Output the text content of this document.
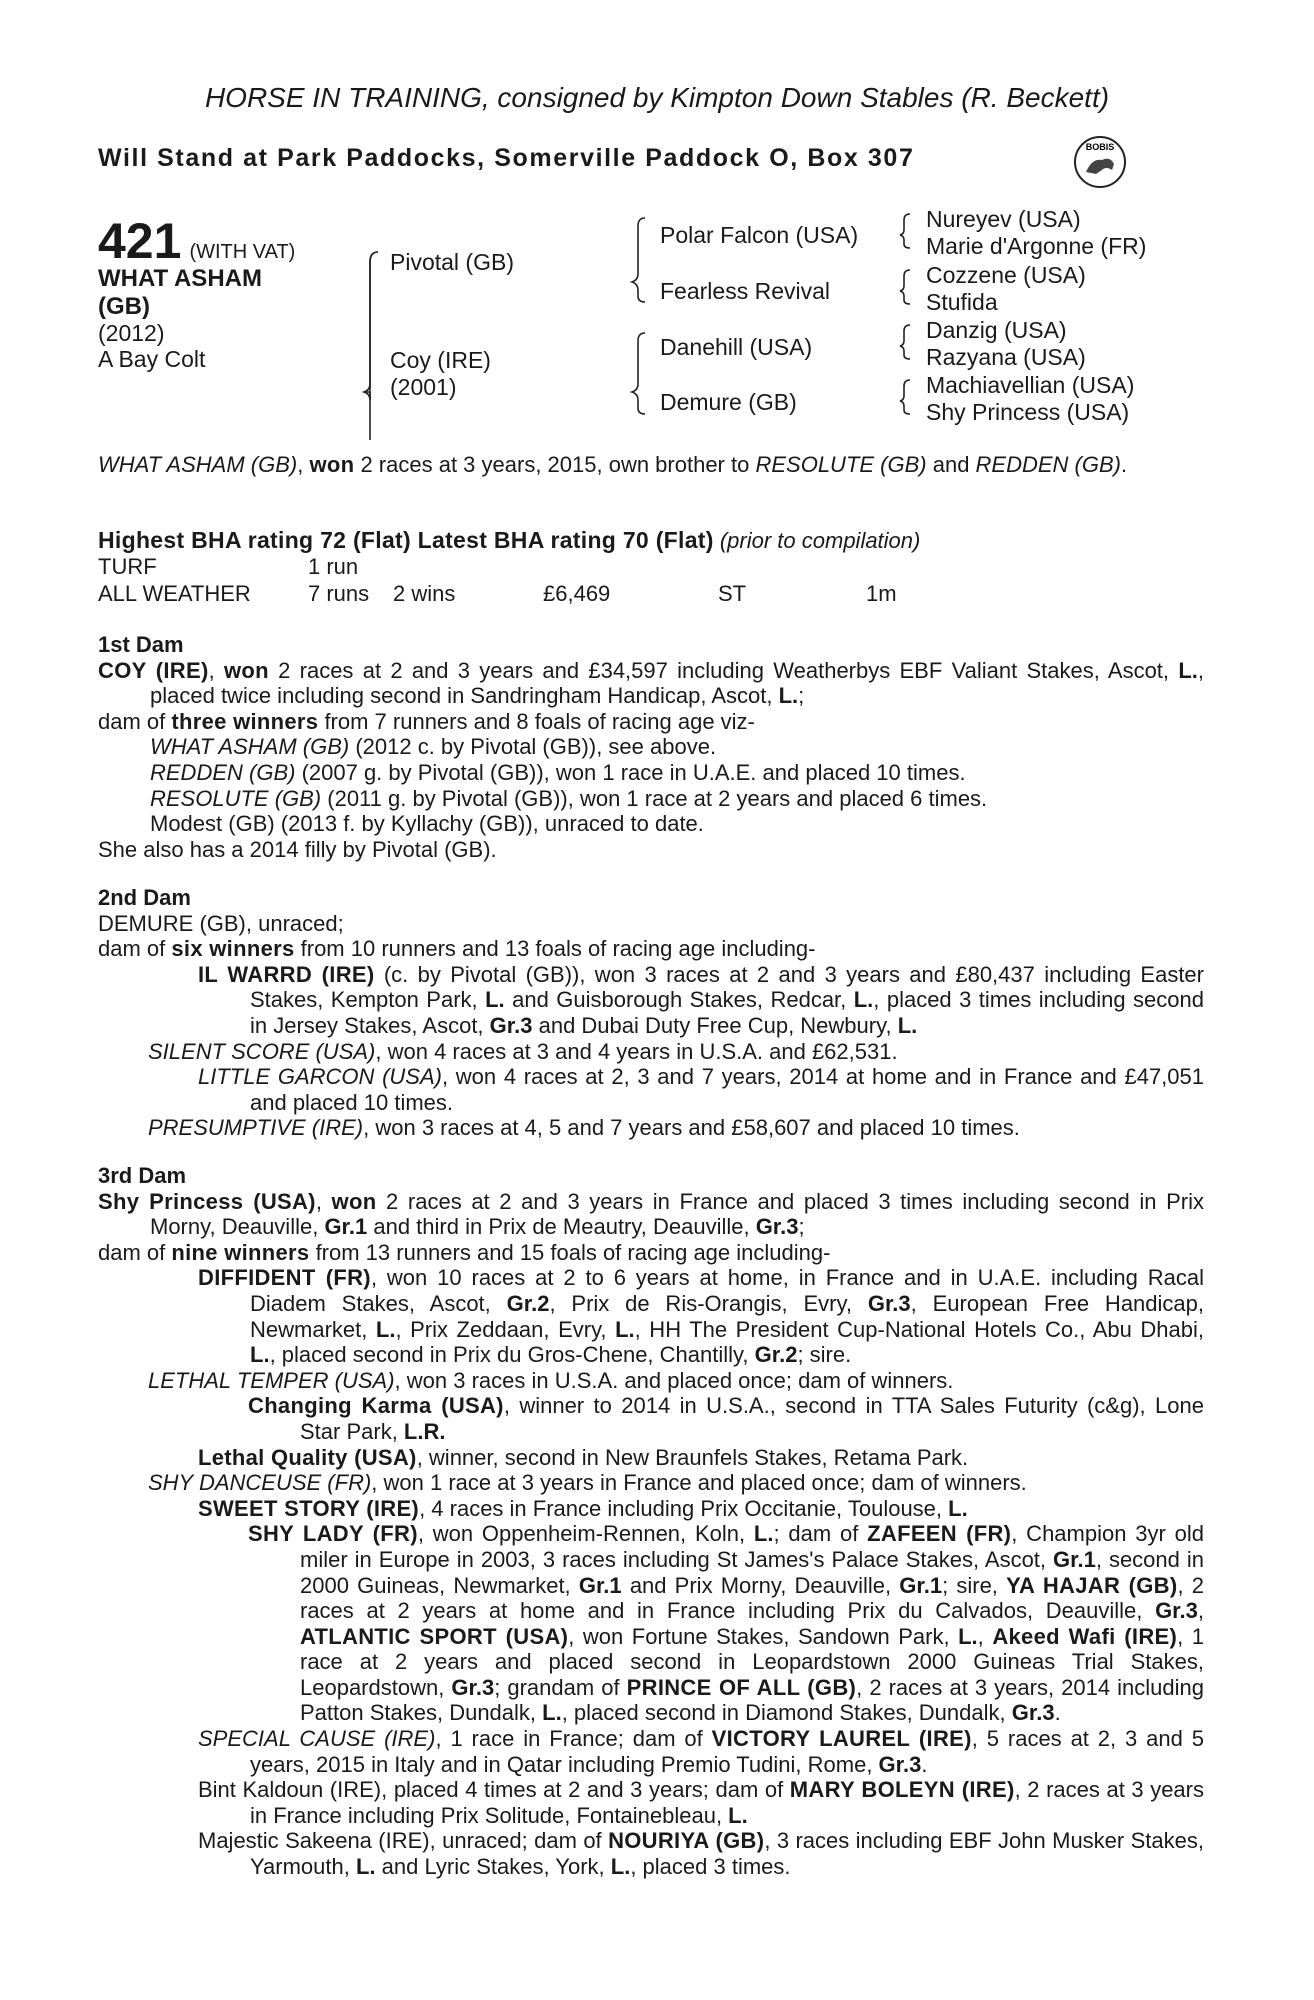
HORSE IN TRAINING, consigned by Kimpton Down Stables (R. Beckett)
Will Stand at Park Paddocks, Somerville Paddock O, Box 307	BOBIS
421 (WITH VAT)
WHAT ASHAM
(GB)
(2012)
A Bay Colt
Pivotal (GB)
Coy (IRE)
(2001)
Polar Falcon (USA)
Fearless Revival
Danehill (USA)
Demure (GB)
Nureyev (USA)
Marie d'Argonne (FR)
Cozzene (USA)
Stufida
Danzig (USA)
Razyana (USA)
Machiavellian (USA)
Shy Princess (USA)

WHAT ASHAM (GB), won 2 races at 3 years, 2015, own brother to RESOLUTE (GB) and REDDEN (GB).

Highest BHA rating 72 (Flat) Latest BHA rating 70 (Flat) (prior to compilation)
TURF	1 run
ALL WEATHER	7 runs 2 wins	£6,469	ST	1m

1st Dam

COY (IRE), won 2 races at 2 and 3 years and £34,597 including Weatherbys EBF Valiant Stakes, Ascot, L., placed twice including second in Sandringham Handicap, Ascot, L.;

dam of three winners from 7 runners and 8 foals of racing age viz-

WHAT ASHAM (GB) (2012 c. by Pivotal (GB)), see above.

REDDEN (GB) (2007 g. by Pivotal (GB)), won 1 race in U.A.E. and placed 10 times.

RESOLUTE (GB) (2011 g. by Pivotal (GB)), won 1 race at 2 years and placed 6 times.

Modest (GB) (2013 f. by Kyllachy (GB)), unraced to date.

She also has a 2014 filly by Pivotal (GB).

2nd Dam

DEMURE (GB), unraced;

dam of six winners from 10 runners and 13 foals of racing age including-

IL WARRD (IRE) (c. by Pivotal (GB)), won 3 races at 2 and 3 years and £80,437 including Easter Stakes, Kempton Park, L. and Guisborough Stakes, Redcar, L., placed 3 times including second in Jersey Stakes, Ascot, Gr.3 and Dubai Duty Free Cup, Newbury, L.

SILENT SCORE (USA), won 4 races at 3 and 4 years in U.S.A. and £62,531.

LITTLE GARCON (USA), won 4 races at 2, 3 and 7 years, 2014 at home and in France and £47,051 and placed 10 times.

PRESUMPTIVE (IRE), won 3 races at 4, 5 and 7 years and £58,607 and placed 10 times.

3rd Dam

Shy Princess (USA), won 2 races at 2 and 3 years in France and placed 3 times including second in Prix Morny, Deauville, Gr.1 and third in Prix de Meautry, Deauville, Gr.3;

dam of nine winners from 13 runners and 15 foals of racing age including-

DIFFIDENT (FR), won 10 races at 2 to 6 years at home, in France and in U.A.E. including Racal Diadem Stakes, Ascot, Gr.2, Prix de Ris-Orangis, Evry, Gr.3, European Free Handicap, Newmarket, L., Prix Zeddaan, Evry, L., HH The President Cup-National Hotels Co., Abu Dhabi, L., placed second in Prix du Gros-Chene, Chantilly, Gr.2; sire.

LETHAL TEMPER (USA), won 3 races in U.S.A. and placed once; dam of winners.

Changing Karma (USA), winner to 2014 in U.S.A., second in TTA Sales Futurity (c&g), Lone Star Park, L.R.

Lethal Quality (USA), winner, second in New Braunfels Stakes, Retama Park.

SHY DANCEUSE (FR), won 1 race at 3 years in France and placed once; dam of winners.

SWEET STORY (IRE), 4 races in France including Prix Occitanie, Toulouse, L.

SHY LADY (FR), won Oppenheim-Rennen, Koln, L.; dam of ZAFEEN (FR), Champion 3yr old miler in Europe in 2003, 3 races including St James's Palace Stakes, Ascot, Gr.1, second in 2000 Guineas, Newmarket, Gr.1 and Prix Morny, Deauville, Gr.1; sire, YA HAJAR (GB), 2 races at 2 years at home and in France including Prix du Calvados, Deauville, Gr.3, ATLANTIC SPORT (USA), won Fortune Stakes, Sandown Park, L., Akeed Wafi (IRE), 1 race at 2 years and placed second in Leopardstown 2000 Guineas Trial Stakes, Leopardstown, Gr.3; grandam of PRINCE OF ALL (GB), 2 races at 3 years, 2014 including Patton Stakes, Dundalk, L., placed second in Diamond Stakes, Dundalk, Gr.3.

SPECIAL CAUSE (IRE), 1 race in France; dam of VICTORY LAUREL (IRE), 5 races at 2, 3 and 5 years, 2015 in Italy and in Qatar including Premio Tudini, Rome, Gr.3.

Bint Kaldoun (IRE), placed 4 times at 2 and 3 years; dam of MARY BOLEYN (IRE), 2 races at 3 years in France including Prix Solitude, Fontainebleau, L.

Majestic Sakeena (IRE), unraced; dam of NOURIYA (GB), 3 races including EBF John Musker Stakes, Yarmouth, L. and Lyric Stakes, York, L., placed 3 times.
